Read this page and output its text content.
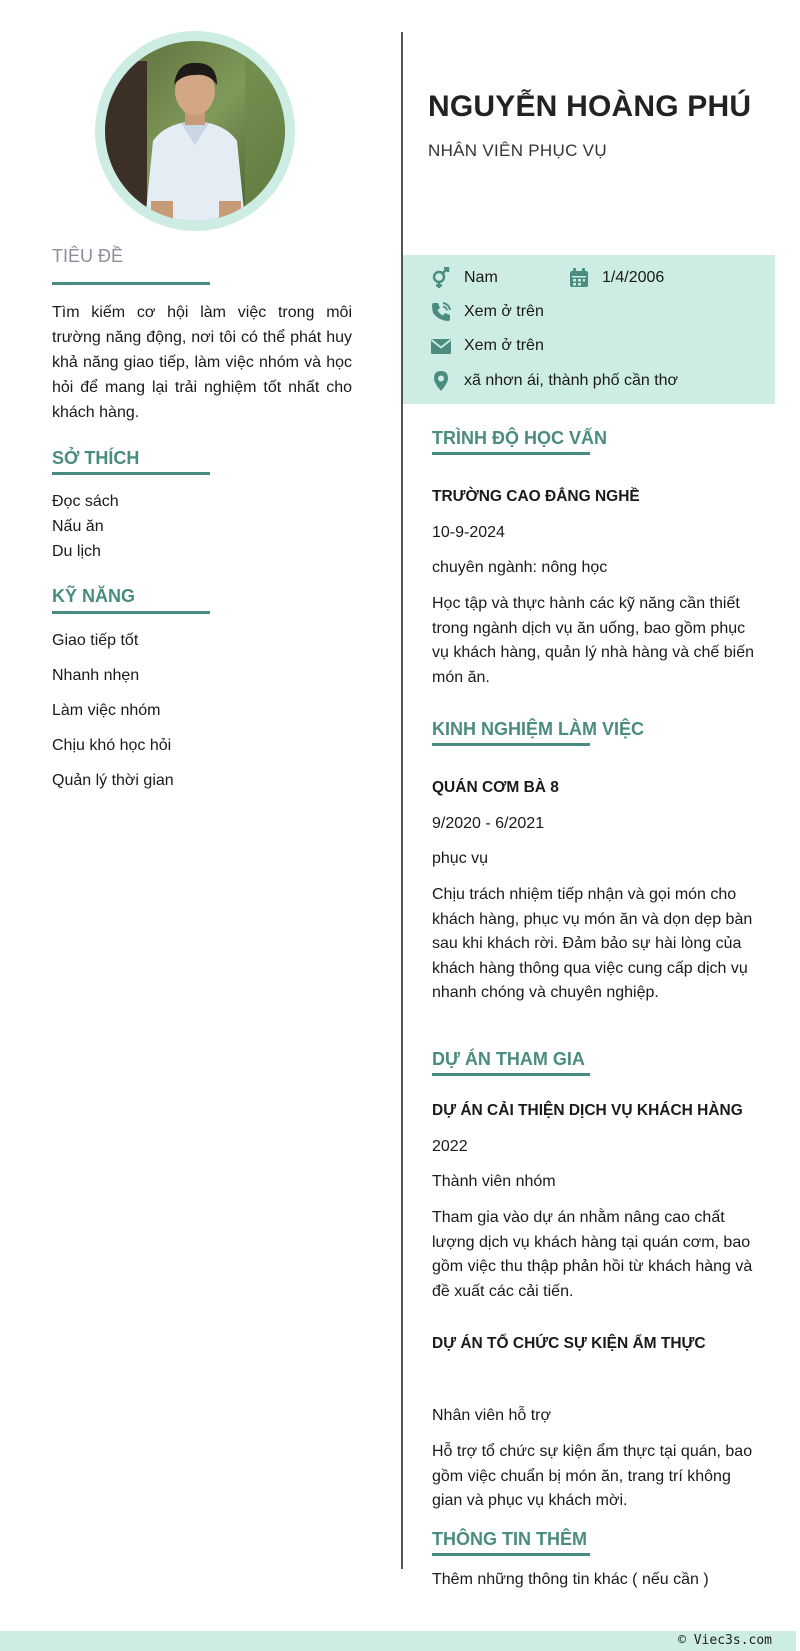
TIÊU ĐỀ
Tìm kiếm cơ hội làm việc trong môi trường năng động, nơi tôi có thể phát huy khả năng giao tiếp, làm việc nhóm và học hỏi để mang lại trải nghiệm tốt nhất cho khách hàng.
SỞ THÍCH
Đọc sách
Nấu ăn
Du lịch
KỸ NĂNG
Giao tiếp tốt
Nhanh nhẹn
Làm việc nhóm
Chịu khó học hỏi
Quản lý thời gian
NGUYỄN HOÀNG PHÚ
NHÂN VIÊN PHỤC VỤ
Nam	1/4/2006
Xem ở trên
Xem ở trên
xã nhơn ái, thành phố cần thơ
TRÌNH ĐỘ HỌC VẤN
TRƯỜNG CAO ĐẲNG NGHỀ
10-9-2024
chuyên ngành: nông học
Học tập và thực hành các kỹ năng cần thiết trong ngành dịch vụ ăn uống, bao gồm phục vụ khách hàng, quản lý nhà hàng và chế biến món ăn.
KINH NGHIỆM LÀM VIỆC
QUÁN CƠM BÀ 8
9/2020 - 6/2021
phục vụ
Chịu trách nhiệm tiếp nhận và gọi món cho khách hàng, phục vụ món ăn và dọn dẹp bàn sau khi khách rời. Đảm bảo sự hài lòng của khách hàng thông qua việc cung cấp dịch vụ nhanh chóng và chuyên nghiệp.
DỰ ÁN THAM GIA
DỰ ÁN CẢI THIỆN DỊCH VỤ KHÁCH HÀNG
2022
Thành viên nhóm
Tham gia vào dự án nhằm nâng cao chất lượng dịch vụ khách hàng tại quán cơm, bao gồm việc thu thập phản hồi từ khách hàng và đề xuất các cải tiến.
DỰ ÁN TỔ CHỨC SỰ KIỆN ẨM THỰC
Nhân viên hỗ trợ
Hỗ trợ tổ chức sự kiện ẩm thực tại quán, bao gồm việc chuẩn bị món ăn, trang trí không gian và phục vụ khách mời.
THÔNG TIN THÊM
Thêm những thông tin khác ( nếu cần )
© Viec3s.com
